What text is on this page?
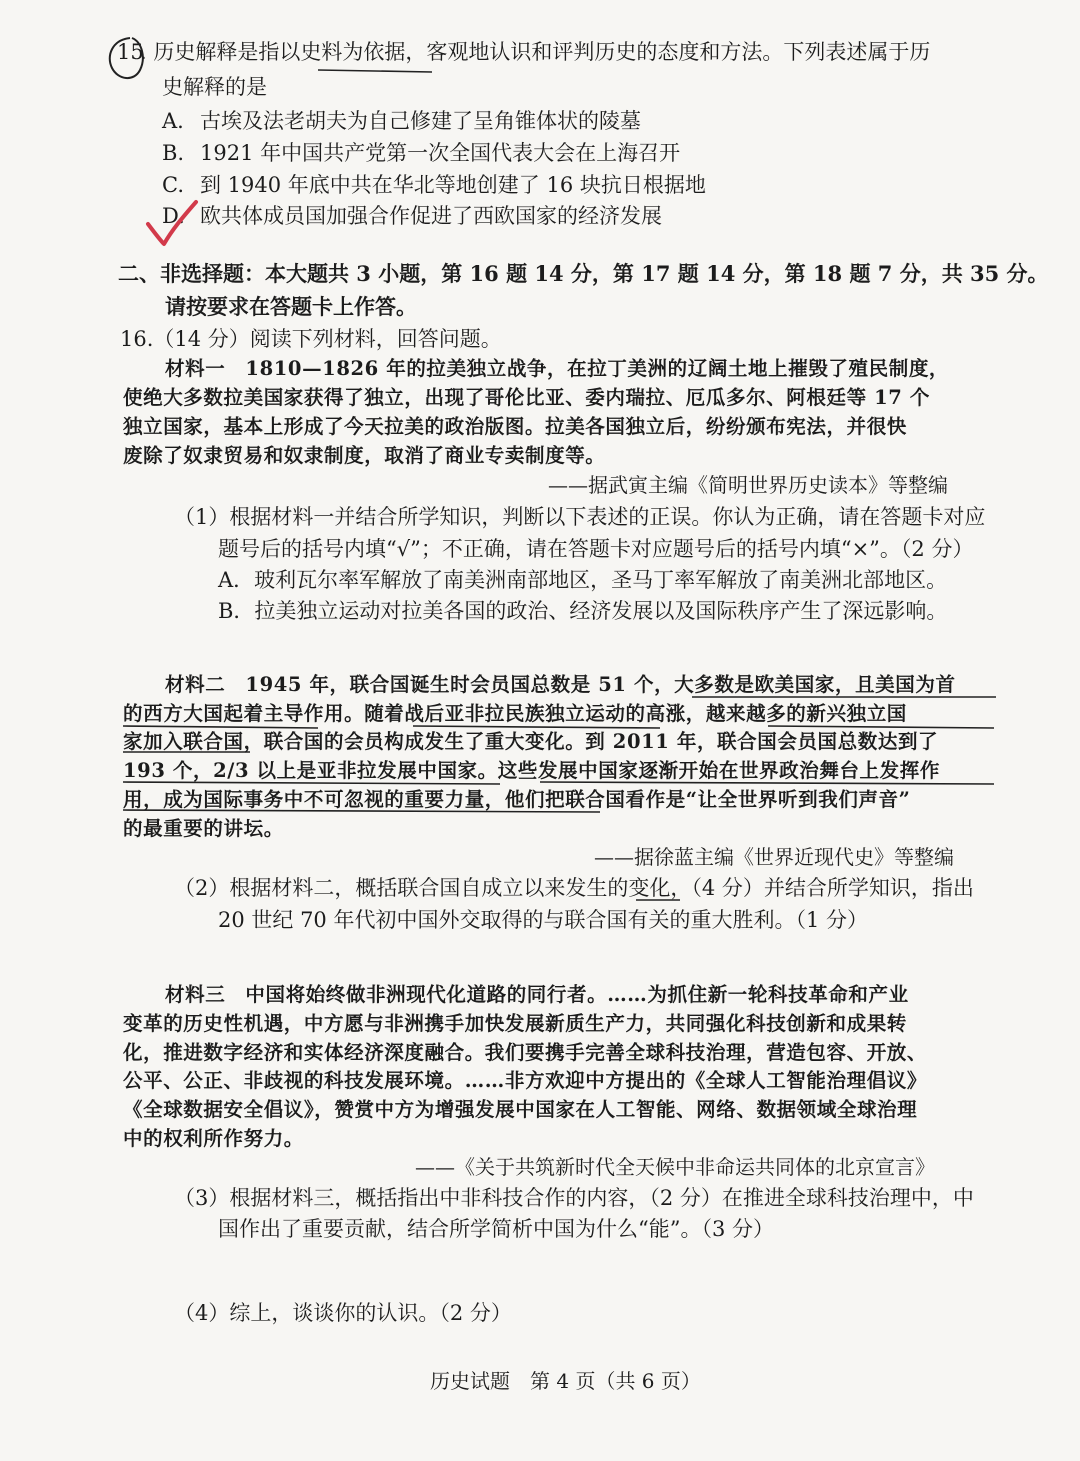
15
. 历史解释是指以史料为依据，客观地认识和评判历史的态度和方法。下列表述属于历
史解释的是
A. 古埃及法老胡夫为自己修建了呈角锥体状的陵墓
B. 1921 年中国共产党第一次全国代表大会在上海召开
C. 到 1940 年底中共在华北等地创建了 16 块抗日根据地
D. 欧共体成员国加强合作促进了西欧国家的经济发展
二、非选择题：本大题共 3 小题，第 16 题 14 分，第 17 题 14 分，第 18 题 7 分，共 35 分。
请按要求在答题卡上作答。
16.（14 分）阅读下列材料，回答问题。
材料一　1810—1826 年的拉美独立战争，在拉丁美洲的辽阔土地上摧毁了殖民制度，
使绝大多数拉美国家获得了独立，出现了哥伦比亚、委内瑞拉、厄瓜多尔、阿根廷等 17 个
独立国家，基本上形成了今天拉美的政治版图。拉美各国独立后，纷纷颁布宪法，并很快
废除了奴隶贸易和奴隶制度，取消了商业专卖制度等。
——据武寅主编《简明世界历史读本》等整编
（1）根据材料一并结合所学知识，判断以下表述的正误。你认为正确，请在答题卡对应
题号后的括号内填“√”；不正确，请在答题卡对应题号后的括号内填“×”。（2 分）
A．玻利瓦尔率军解放了南美洲南部地区，圣马丁率军解放了南美洲北部地区。
B．拉美独立运动对拉美各国的政治、经济发展以及国际秩序产生了深远影响。
材料二　1945 年，联合国诞生时会员国总数是 51 个，大多数是欧美国家，且美国为首
的西方大国起着主导作用。随着战后亚非拉民族独立运动的高涨，越来越多的新兴独立国
家加入联合国，联合国的会员构成发生了重大变化。到 2011 年，联合国会员国总数达到了
193 个，2/3 以上是亚非拉发展中国家。这些发展中国家逐渐开始在世界政治舞台上发挥作
用，成为国际事务中不可忽视的重要力量，他们把联合国看作是“让全世界听到我们声音”
的最重要的讲坛。
——据徐蓝主编《世界近现代史》等整编
（2）根据材料二，概括联合国自成立以来发生的变化，（4 分）并结合所学知识，指出
20 世纪 70 年代初中国外交取得的与联合国有关的重大胜利。（1 分）
材料三　中国将始终做非洲现代化道路的同行者。……为抓住新一轮科技革命和产业
变革的历史性机遇，中方愿与非洲携手加快发展新质生产力，共同强化科技创新和成果转
化，推进数字经济和实体经济深度融合。我们要携手完善全球科技治理，营造包容、开放、
公平、公正、非歧视的科技发展环境。……非方欢迎中方提出的《全球人工智能治理倡议》
《全球数据安全倡议》，赞赏中方为增强发展中国家在人工智能、网络、数据领域全球治理
中的权利所作努力。
——《关于共筑新时代全天候中非命运共同体的北京宣言》
（3）根据材料三，概括指出中非科技合作的内容，（2 分）在推进全球科技治理中，中
国作出了重要贡献，结合所学简析中国为什么“能”。（3 分）
（4）综上，谈谈你的认识。（2 分）
历史试题　第 4 页（共 6 页）
